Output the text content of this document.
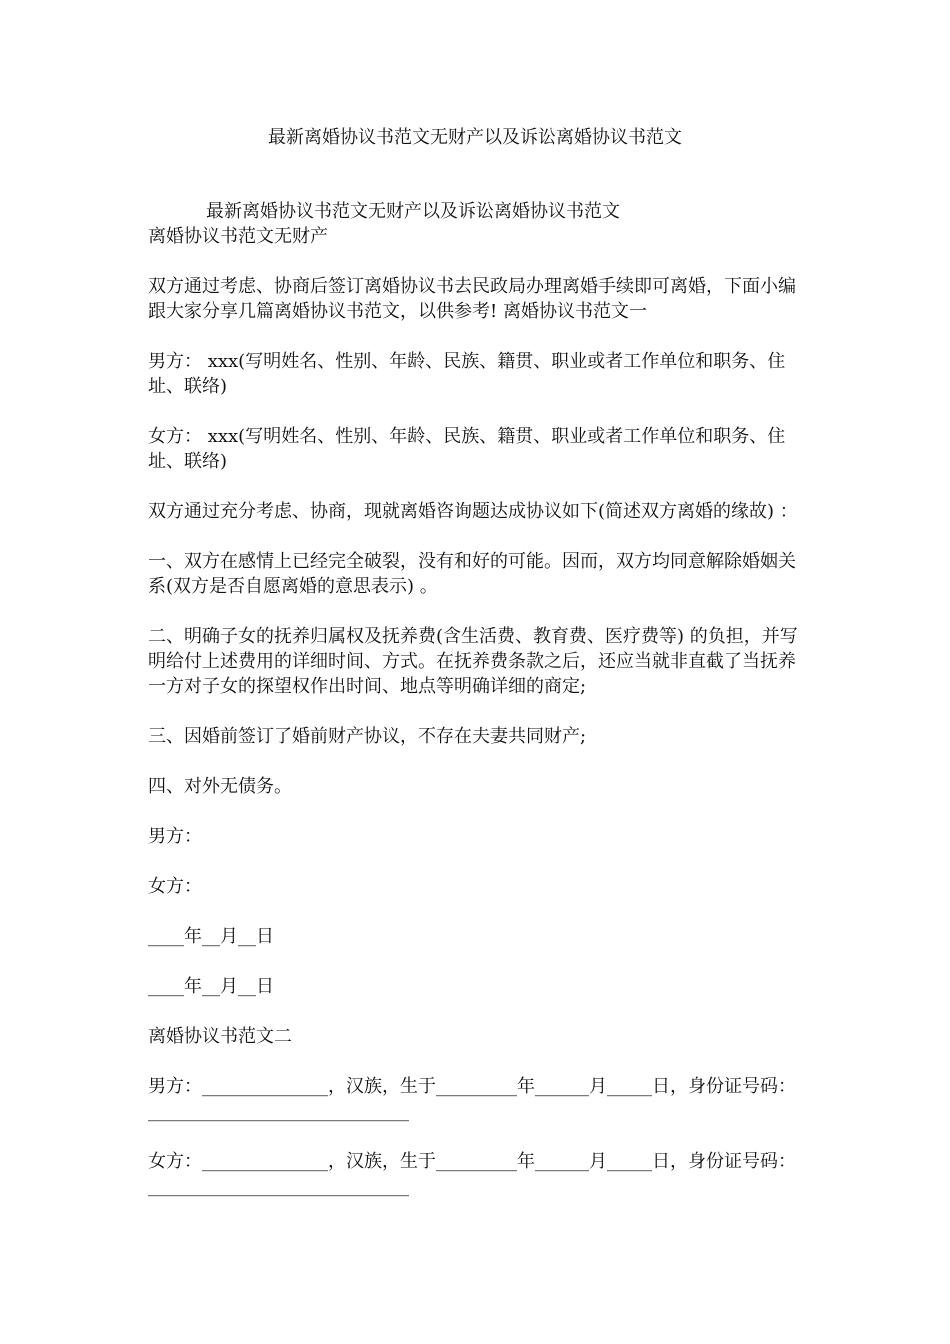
最新离婚协议书范文无财产以及诉讼离婚协议书范文

最新离婚协议书范文无财产以及诉讼离婚协议书范文

离婚协议书范文无财产

双方通过考虑、协商后签订离婚协议书去民政局办理离婚手续即可离婚，下面小编跟大家分享几篇离婚协议书范文，以供参考! 离婚协议书范文一

男方： xxx(写明姓名、性别、年龄、民族、籍贯、职业或者工作单位和职务、住址、联络)

女方： xxx(写明姓名、性别、年龄、民族、籍贯、职业或者工作单位和职务、住址、联络)

双方通过充分考虑、协商，现就离婚咨询题达成协议如下(简述双方离婚的缘故) ：

一、双方在感情上已经完全破裂，没有和好的可能。因而，双方均同意解除婚姻关系(双方是否自愿离婚的意思表示) 。

二、明确子女的抚养归属权及抚养费(含生活费、教育费、医疗费等) 的负担，并写明给付上述费用的详细时间、方式。在抚养费条款之后，还应当就非直截了当抚养一方对子女的探望权作出时间、地点等明确详细的商定;

三、因婚前签订了婚前财产协议，不存在夫妻共同财产;

四、对外无债务。

男方：

女方：

____年__月__日

____年__月__日

离婚协议书范文二

男方：______________，汉族，生于_________年______月_____日，身份证号码：_____________________________

女方：______________，汉族，生于_________年______月_____日，身份证号码：_____________________________
